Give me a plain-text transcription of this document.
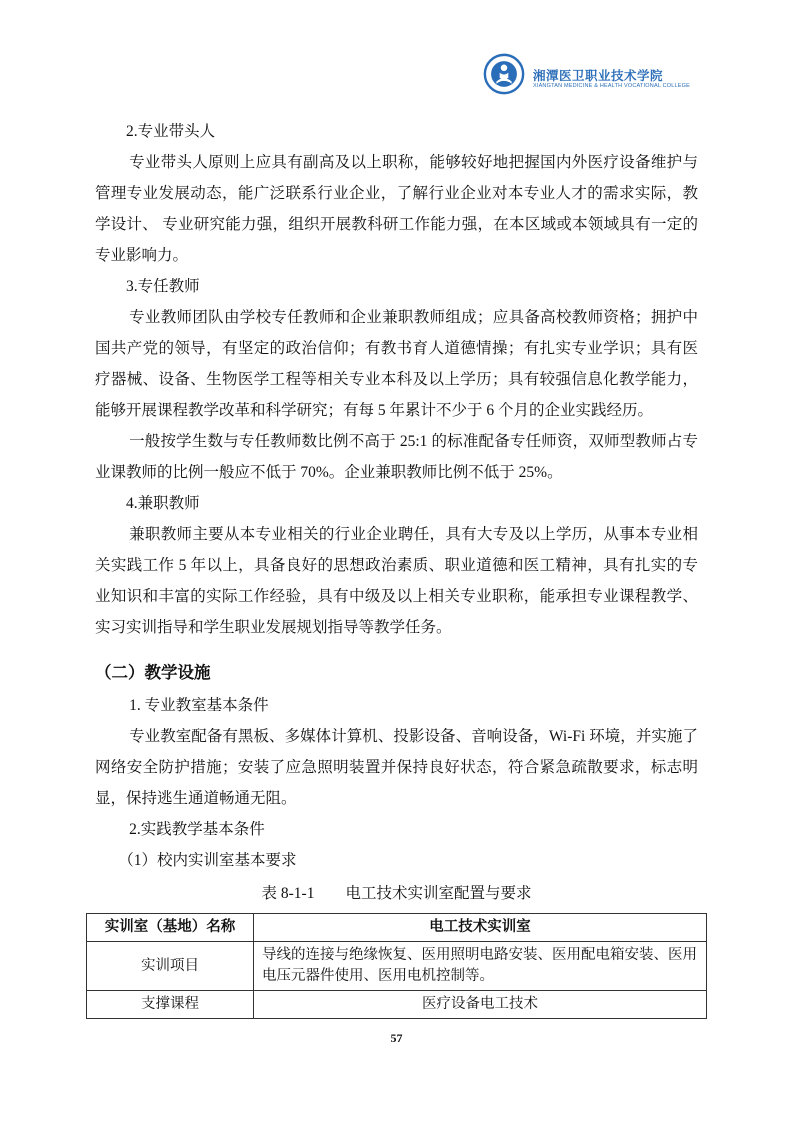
湘潭医卫职业技术学院
XIANGTAN MEDICINE & HEALTH VOCATIONAL COLLEGE
2.专业带头人
专业带头人原则上应具有副高及以上职称，能够较好地把握国内外医疗设备维护与管理专业发展动态，能广泛联系行业企业，了解行业企业对本专业人才的需求实际，教学设计、 专业研究能力强，组织开展教科研工作能力强，在本区域或本领域具有一定的专业影响力。
3.专任教师
专业教师团队由学校专任教师和企业兼职教师组成；应具备高校教师资格；拥护中国共产党的领导，有坚定的政治信仰；有教书育人道德情操；有扎实专业学识；具有医疗器械、设备、生物医学工程等相关专业本科及以上学历；具有较强信息化教学能力，能够开展课程教学改革和科学研究；有每 5 年累计不少于 6 个月的企业实践经历。
一般按学生数与专任教师数比例不高于 25:1 的标准配备专任师资，双师型教师占专业课教师的比例一般应不低于 70%。企业兼职教师比例不低于 25%。
4.兼职教师
兼职教师主要从本专业相关的行业企业聘任，具有大专及以上学历，从事本专业相关实践工作 5 年以上，具备良好的思想政治素质、职业道德和医工精神，具有扎实的专业知识和丰富的实际工作经验，具有中级及以上相关专业职称，能承担专业课程教学、实习实训指导和学生职业发展规划指导等教学任务。
（二）教学设施
1. 专业教室基本条件
专业教室配备有黑板、多媒体计算机、投影设备、音响设备，Wi-Fi 环境，并实施了网络安全防护措施；安装了应急照明装置并保持良好状态，符合紧急疏散要求，标志明显，保持逃生通道畅通无阻。
2.实践教学基本条件
（1）校内实训室基本要求
表 8-1-1　　电工技术实训室配置与要求
实训室（基地）名称	电工技术实训室
实训项目	导线的连接与绝缘恢复、医用照明电路安装、医用配电箱安装、医用电压元器件使用、医用电机控制等。
支撑课程	医疗设备电工技术
57
